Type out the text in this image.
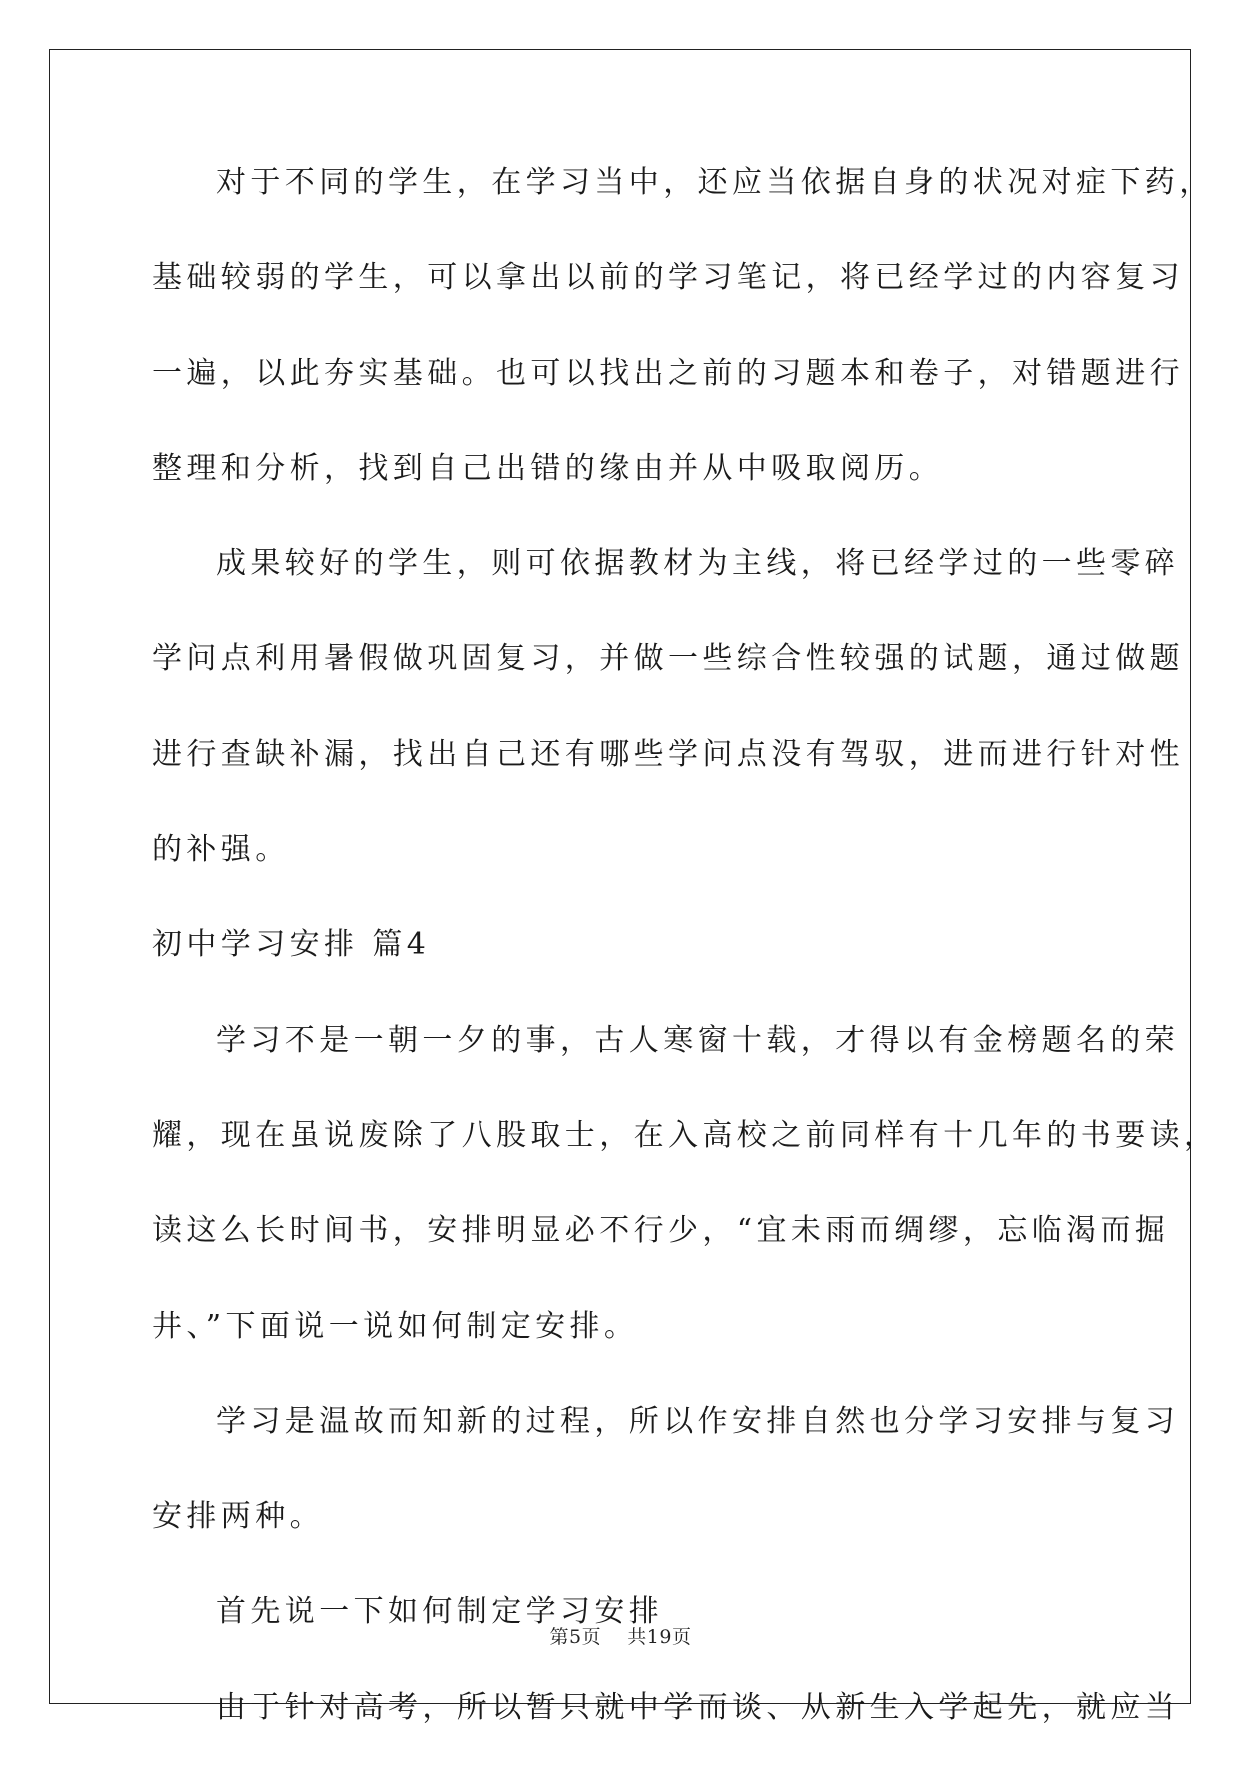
对于不同的学生，在学习当中，还应当依据自身的状况对症下药，
基础较弱的学生，可以拿出以前的学习笔记，将已经学过的内容复习
一遍，以此夯实基础。也可以找出之前的习题本和卷子，对错题进行
整理和分析，找到自己出错的缘由并从中吸取阅历。
成果较好的学生，则可依据教材为主线，将已经学过的一些零碎
学问点利用暑假做巩固复习，并做一些综合性较强的试题，通过做题
进行查缺补漏，找出自己还有哪些学问点没有驾驭，进而进行针对性
的补强。
初中学习安排 篇4
学习不是一朝一夕的事，古人寒窗十载，才得以有金榜题名的荣
耀，现在虽说废除了八股取士，在入高校之前同样有十几年的书要读，
读这么长时间书，安排明显必不行少，“宜未雨而绸缪，忘临渴而掘
井、”下面说一说如何制定安排。
学习是温故而知新的过程，所以作安排自然也分学习安排与复习
安排两种。
首先说一下如何制定学习安排
由于针对高考，所以暂只就中学而谈、从新生入学起先，就应当
第5页 共19页
